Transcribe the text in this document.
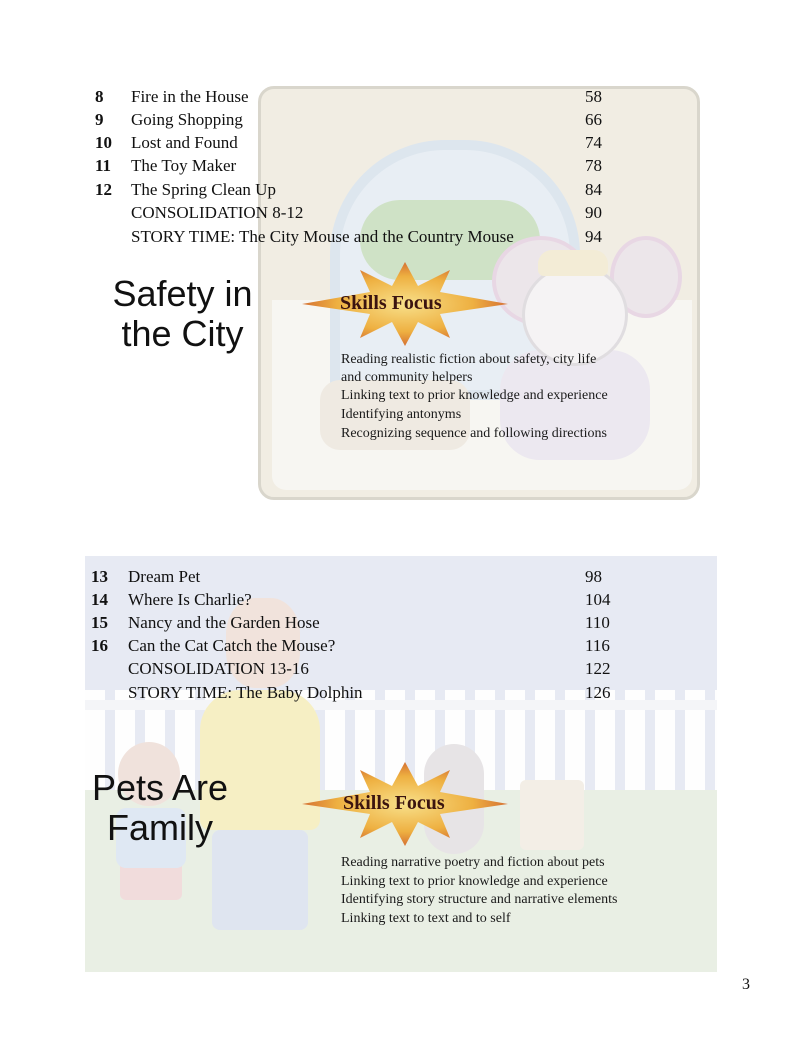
8 Fire in the House	58
9 Going Shopping	66
10 Lost and Found	74
11 The Toy Maker	78
12 The Spring Clean Up	84
CONSOLIDATION 8-12	90
STORY TIME: The City Mouse and the Country Mouse	94
Safety in
the City
Skills Focus
Reading realistic fiction about safety, city life
and community helpers
Linking text to prior knowledge and experience
Identifying antonyms
Recognizing sequence and following directions
13 Dream Pet	98
14 Where Is Charlie?	104
15 Nancy and the Garden Hose	110
16 Can the Cat Catch the Mouse?	116
CONSOLIDATION 13-16	122
STORY TIME: The Baby Dolphin	126
Pets Are
Family
Skills Focus
Reading narrative poetry and fiction about pets
Linking text to prior knowledge and experience
Identifying story structure and narrative elements
Linking text to text and to self
3
